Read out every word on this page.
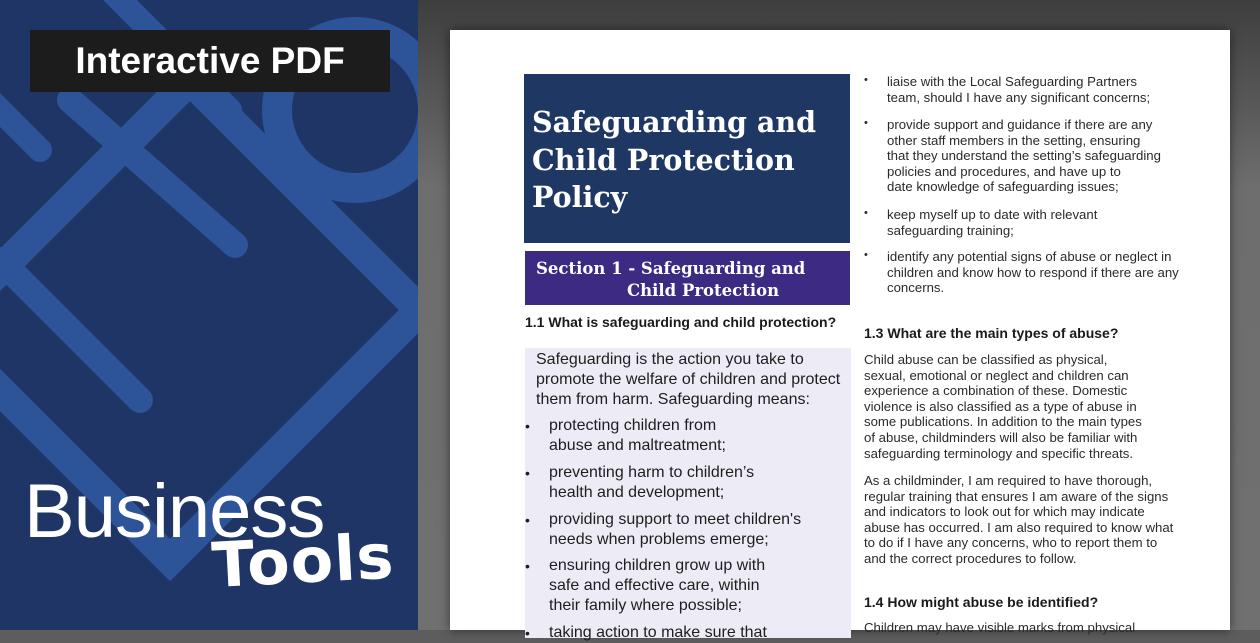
Interactive PDF
Business
Tools
Safeguarding and
Child Protection
Policy
Section 1 - Safeguarding and
Child Protection
1.1 What is safeguarding and child protection?
Safeguarding is the action you take to
promote the welfare of children and protect
them from harm. Safeguarding means:
• protecting children from
abuse and maltreatment;
• preventing harm to children’s
health and development;
• providing support to meet children's
needs when problems emerge;
• ensuring children grow up with
safe and effective care, within
their family where possible;
• taking action to make sure that
• liaise with the Local Safeguarding Partners
team, should I have any significant concerns;
• provide support and guidance if there are any
other staff members in the setting, ensuring
that they understand the setting’s safeguarding
policies and procedures, and have up to
date knowledge of safeguarding issues;
• keep myself up to date with relevant
safeguarding training;
• identify any potential signs of abuse or neglect in
children and know how to respond if there are any
concerns.
1.3 What are the main types of abuse?
Child abuse can be classified as physical,
sexual, emotional or neglect and children can
experience a combination of these. Domestic
violence is also classified as a type of abuse in
some publications. In addition to the main types
of abuse, childminders will also be familiar with
safeguarding terminology and specific threats.
As a childminder, I am required to have thorough,
regular training that ensures I am aware of the signs
and indicators to look out for which may indicate
abuse has occurred. I am also required to know what
to do if I have any concerns, who to report them to
and the correct procedures to follow.
1.4 How might abuse be identified?
Children may have visible marks from physical
